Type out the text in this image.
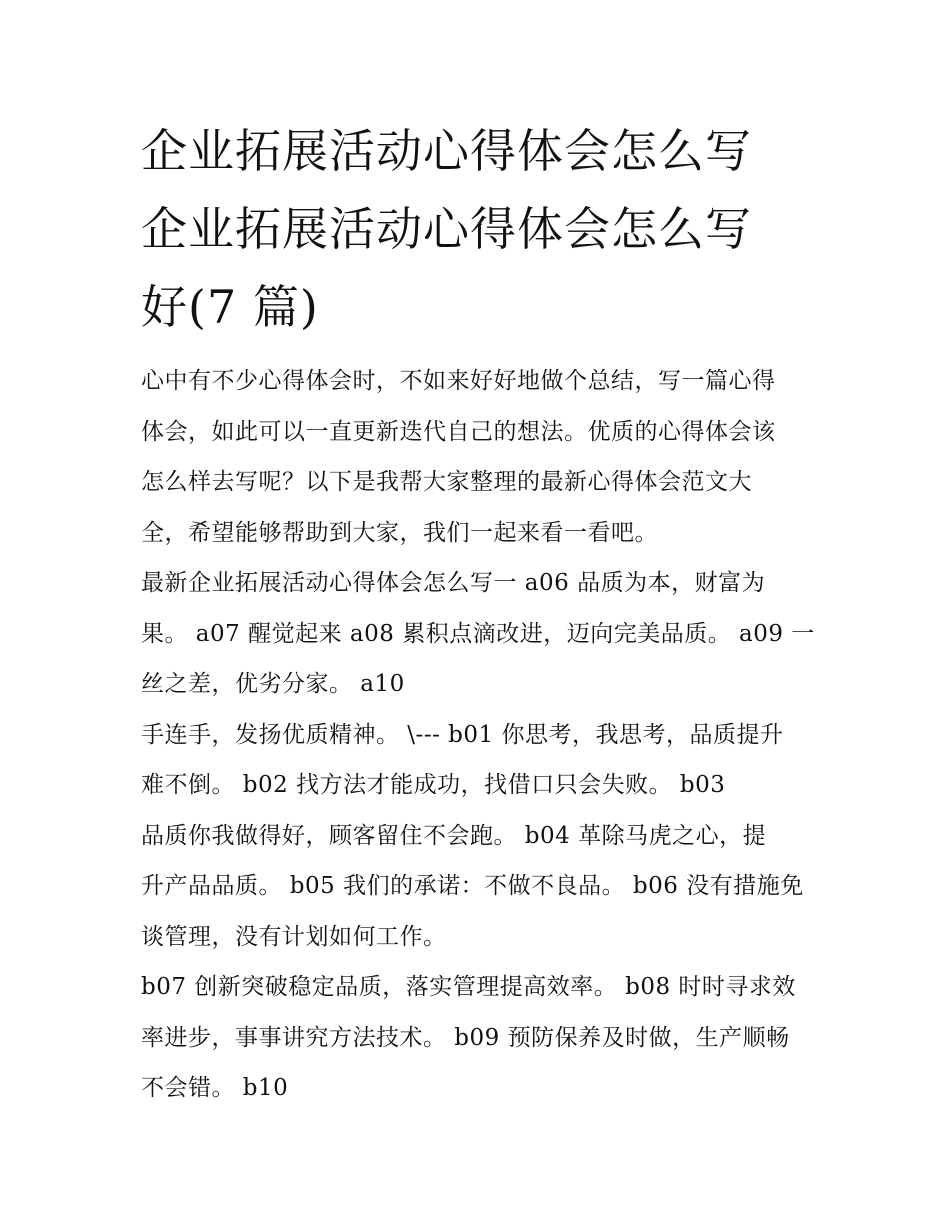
企业拓展活动心得体会怎么写
企业拓展活动心得体会怎么写
好(7 篇)
心中有不少心得体会时，不如来好好地做个总结，写一篇心得
体会，如此可以一直更新迭代自己的想法。优质的心得体会该
怎么样去写呢？以下是我帮大家整理的最新心得体会范文大
全，希望能够帮助到大家，我们一起来看一看吧。
最新企业拓展活动心得体会怎么写一 a06 品质为本，财富为
果。 a07 醒觉起来 a08 累积点滴改进，迈向完美品质。 a09 一
丝之差，优劣分家。 a10
手连手，发扬优质精神。 \--- b01 你思考，我思考，品质提升
难不倒。 b02 找方法才能成功，找借口只会失败。 b03
品质你我做得好，顾客留住不会跑。 b04 革除马虎之心，提
升产品品质。 b05 我们的承诺：不做不良品。 b06 没有措施免
谈管理，没有计划如何工作。
b07 创新突破稳定品质，落实管理提高效率。 b08 时时寻求效
率进步，事事讲究方法技术。 b09 预防保养及时做，生产顺畅
不会错。 b10
